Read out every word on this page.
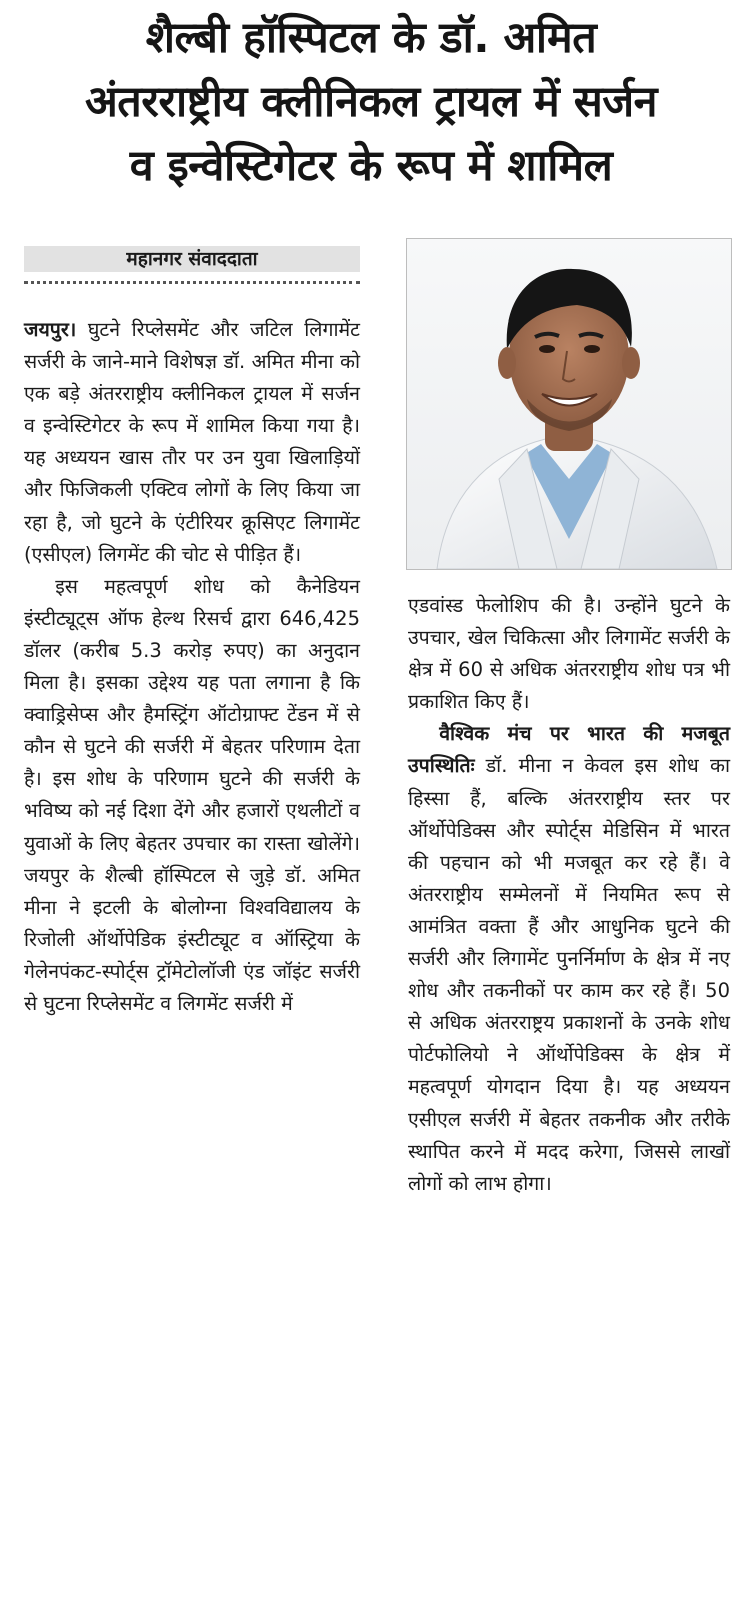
शैल्बी हॉस्पिटल के डॉ. अमित
अंतरराष्ट्रीय क्लीनिकल ट्रायल में सर्जन
व इन्वेस्टिगेटर के रूप में शामिल
महानगर संवाददाता

जयपुर। घुटने रिप्लेसमेंट और जटिल लिगामेंट सर्जरी के जाने-माने विशेषज्ञ डॉ. अमित मीना को एक बड़े अंतरराष्ट्रीय क्लीनिकल ट्रायल में सर्जन व इन्वेस्टिगेटर के रूप में शामिल किया गया है। यह अध्ययन खास तौर पर उन युवा खिलाड़ियों और फिजिकली एक्टिव लोगों के लिए किया जा रहा है, जो घुटने के एंटीरियर क्रूसिएट लिगामेंट (एसीएल) लिगमेंट की चोट से पीड़ित हैं।

इस महत्वपूर्ण शोध को कैनेडियन इंस्टीट्यूट्स ऑफ हेल्थ रिसर्च द्वारा 646,425 डॉलर (करीब 5.3 करोड़ रुपए) का अनुदान मिला है। इसका उद्देश्य यह पता लगाना है कि क्वाड्रिसेप्स और हैमस्ट्रिंग ऑटोग्राफ्ट टेंडन में से कौन से घुटने की सर्जरी में बेहतर परिणाम देता है। इस शोध के परिणाम घुटने की सर्जरी के भविष्य को नई दिशा देंगे और हजारों एथलीटों व युवाओं के लिए बेहतर उपचार का रास्ता खोलेंगे। जयपुर के शैल्बी हॉस्पिटल से जुड़े डॉ. अमित मीना ने इटली के बोलोग्ना विश्वविद्यालय के रिजोली ऑर्थोपेडिक इंस्टीट्यूट व ऑस्ट्रिया के गेलेनपंकट-स्पोर्ट्स ट्रॉमेटोलॉजी एंड जॉइंट सर्जरी से घुटना रिप्लेसमेंट व लिगमेंट सर्जरी में

एडवांस्ड फेलोशिप की है। उन्होंने घुटने के उपचार, खेल चिकित्सा और लिगामेंट सर्जरी के क्षेत्र में 60 से अधिक अंतरराष्ट्रीय शोध पत्र भी प्रकाशित किए हैं।

वैश्विक मंच पर भारत की मजबूत उपस्थितिः डॉ. मीना न केवल इस शोध का हिस्सा हैं, बल्कि अंतरराष्ट्रीय स्तर पर ऑर्थोपेडिक्स और स्पोर्ट्स मेडिसिन में भारत की पहचान को भी मजबूत कर रहे हैं। वे अंतरराष्ट्रीय सम्मेलनों में नियमित रूप से आमंत्रित वक्ता हैं और आधुनिक घुटने की सर्जरी और लिगामेंट पुनर्निर्माण के क्षेत्र में नए शोध और तकनीकों पर काम कर रहे हैं। 50 से अधिक अंतरराष्ट्रय प्रकाशनों के उनके शोध पोर्टफोलियो ने ऑर्थोपेडिक्स के क्षेत्र में महत्वपूर्ण योगदान दिया है। यह अध्ययन एसीएल सर्जरी में बेहतर तकनीक और तरीके स्थापित करने में मदद करेगा, जिससे लाखों लोगों को लाभ होगा।
